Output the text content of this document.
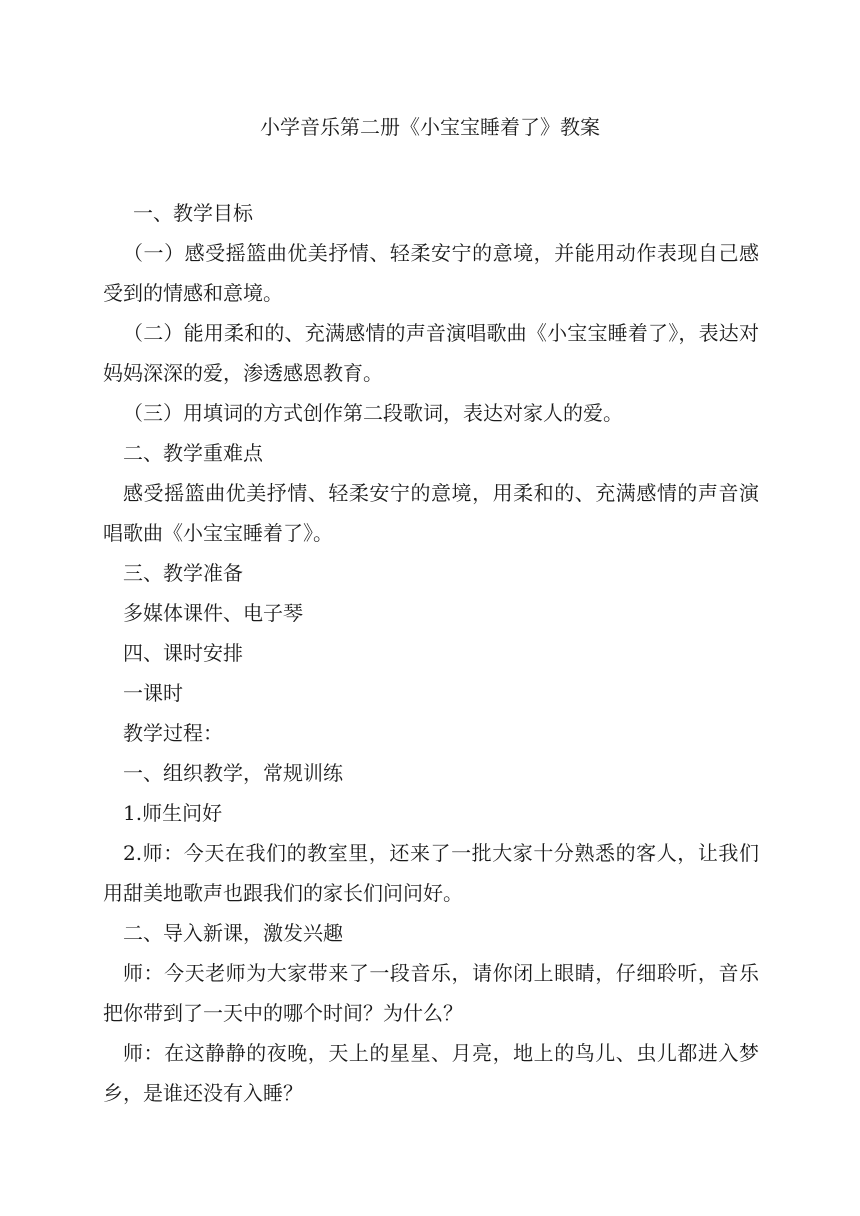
小学音乐第二册《小宝宝睡着了》教案

一、教学目标

（一）感受摇篮曲优美抒情、轻柔安宁的意境，并能用动作表现自己感受到的情感和意境。

（二）能用柔和的、充满感情的声音演唱歌曲《小宝宝睡着了》，表达对妈妈深深的爱，渗透感恩教育。

（三）用填词的方式创作第二段歌词，表达对家人的爱。

二、教学重难点

感受摇篮曲优美抒情、轻柔安宁的意境，用柔和的、充满感情的声音演唱歌曲《小宝宝睡着了》。

三、教学准备

多媒体课件、电子琴

四、课时安排

一课时

教学过程：

一、组织教学，常规训练

1.师生问好

2.师：今天在我们的教室里，还来了一批大家十分熟悉的客人，让我们用甜美地歌声也跟我们的家长们问问好。

二、导入新课，激发兴趣

师：今天老师为大家带来了一段音乐，请你闭上眼睛，仔细聆听，音乐把你带到了一天中的哪个时间？为什么？

师：在这静静的夜晚，天上的星星、月亮，地上的鸟儿、虫儿都进入梦乡，是谁还没有入睡？
